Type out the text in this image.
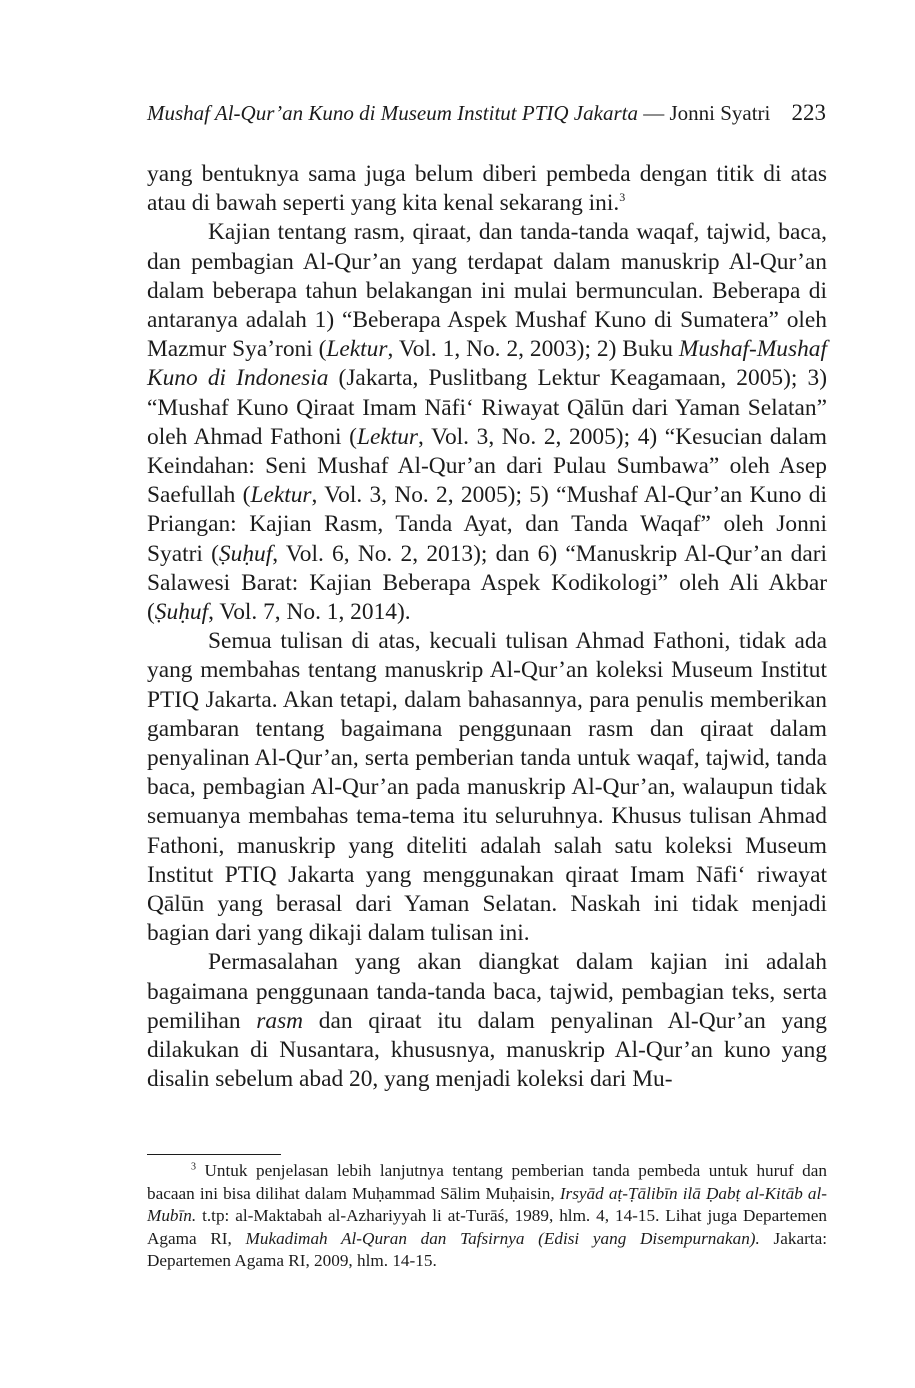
Mushaf Al-Qur’an Kuno di Museum Institut PTIQ Jakarta — Jonni Syatri 223

yang bentuknya sama juga belum diberi pembeda dengan titik di atas atau di bawah seperti yang kita kenal sekarang ini.$^3$

Kajian tentang rasm, qiraat, dan tanda-tanda waqaf, tajwid, baca, dan pembagian Al-Qur’an yang terdapat dalam manuskrip Al-Qur’an dalam beberapa tahun belakangan ini mulai bermunculan. Beberapa di antaranya adalah 1) “Beberapa Aspek Mushaf Kuno di Sumatera” oleh Mazmur Sya’roni (Lektur, Vol. 1, No. 2, 2003); 2) Buku Mushaf-Mushaf Kuno di Indonesia (Jakarta, Puslitbang Lektur Keagamaan, 2005); 3) “Mushaf Kuno Qiraat Imam Nāfi‘ Riwayat Qālūn dari Yaman Selatan” oleh Ahmad Fathoni (Lektur, Vol. 3, No. 2, 2005); 4) “Kesucian dalam Keindahan: Seni Mushaf Al-Qur’an dari Pulau Sumbawa” oleh Asep Saefullah (Lektur, Vol. 3, No. 2, 2005); 5) “Mushaf Al-Qur’an Kuno di Priangan: Kajian Rasm, Tanda Ayat, dan Tanda Waqaf” oleh Jonni Syatri (Ṣuḥuf, Vol. 6, No. 2, 2013); dan 6) “Manuskrip Al-Qur’an dari Salawesi Barat: Kajian Beberapa Aspek Kodikologi” oleh Ali Akbar (Ṣuḥuf, Vol. 7, No. 1, 2014).

Semua tulisan di atas, kecuali tulisan Ahmad Fathoni, tidak ada yang membahas tentang manuskrip Al-Qur’an koleksi Museum Institut PTIQ Jakarta. Akan tetapi, dalam bahasannya, para penulis memberikan gambaran tentang bagaimana penggunaan rasm dan qiraat dalam penyalinan Al-Qur’an, serta pemberian tanda untuk waqaf, tajwid, tanda baca, pembagian Al-Qur’an pada manuskrip Al-Qur’an, walaupun tidak semuanya membahas tema-tema itu seluruhnya. Khusus tulisan Ahmad Fathoni, manuskrip yang diteliti adalah salah satu koleksi Museum Institut PTIQ Jakarta yang menggunakan qiraat Imam Nāfi‘ riwayat Qālūn yang berasal dari Yaman Selatan. Naskah ini tidak menjadi bagian dari yang dikaji dalam tulisan ini.

Permasalahan yang akan diangkat dalam kajian ini adalah bagaimana penggunaan tanda-tanda baca, tajwid, pembagian teks, serta pemilihan rasm dan qiraat itu dalam penyalinan Al-Qur’an yang dilakukan di Nusantara, khususnya, manuskrip Al-Qur’an kuno yang disalin sebelum abad 20, yang menjadi koleksi dari Mu-

$^3$ Untuk penjelasan lebih lanjutnya tentang pemberian tanda pembeda untuk huruf dan bacaan ini bisa dilihat dalam Muḥammad Sālim Muḥaisin, Irsyād aṭ-Ṭālibīn ilā Ḍabṭ al-Kitāb al-Mubīn. t.tp: al-Maktabah al-Azhariyyah li at-Turāś, 1989, hlm. 4, 14-15. Lihat juga Departemen Agama RI, Mukadimah Al-Quran dan Tafsirnya (Edisi yang Disempurnakan). Jakarta: Departemen Agama RI, 2009, hlm. 14-15.
